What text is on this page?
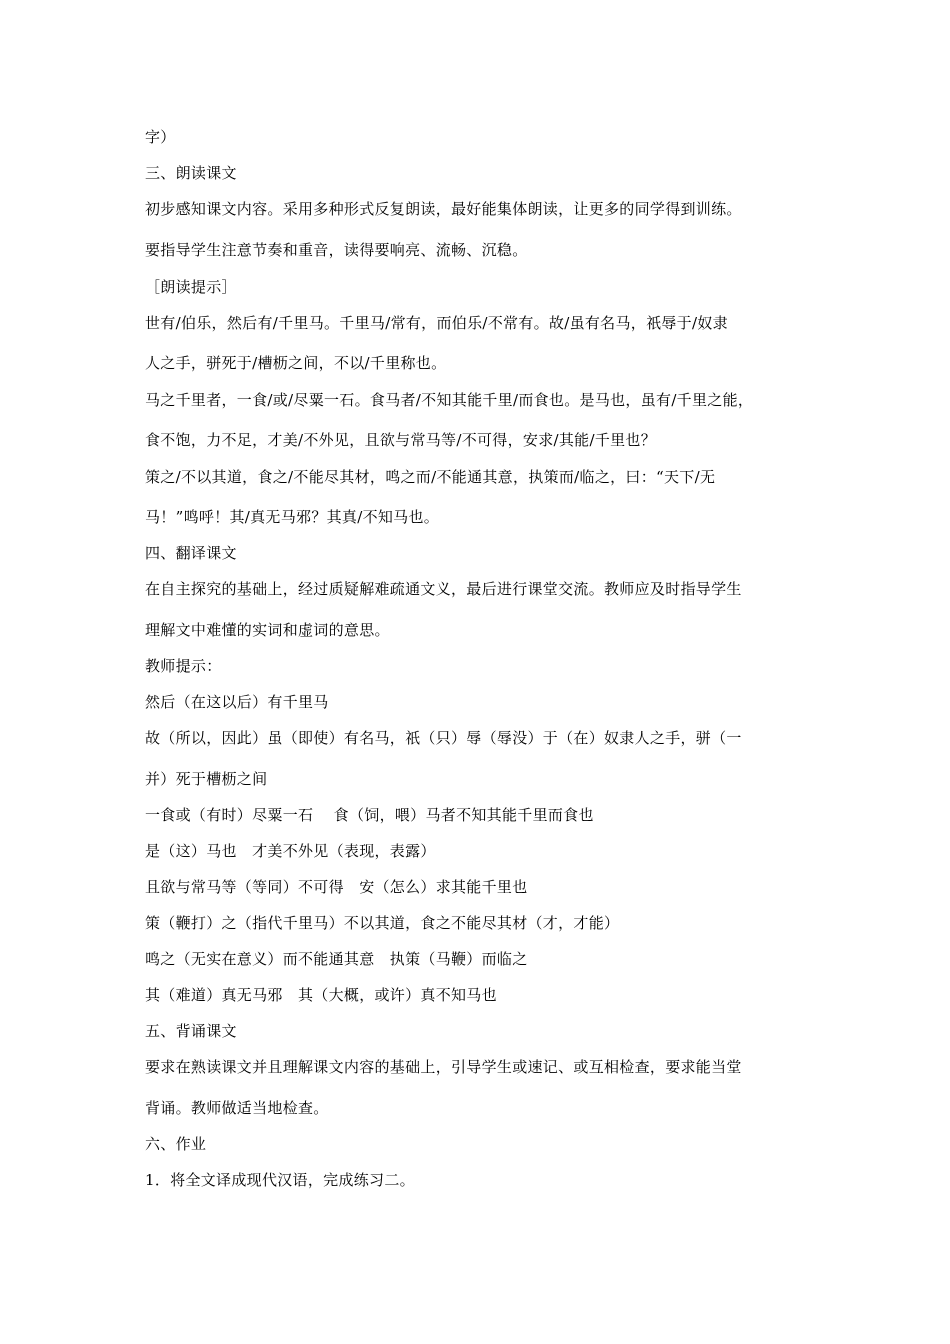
字）
三、朗读课文
初步感知课文内容。采用多种形式反复朗读，最好能集体朗读，让更多的同学得到训练。
要指导学生注意节奏和重音，读得要响亮、流畅、沉稳。
［朗读提示］
世有/伯乐，然后有/千里马。千里马/常有，而伯乐/不常有。故/虽有名马，祇辱于/奴隶
人之手，骈死于/槽枥之间，不以/千里称也。
马之千里者，一食/或/尽粟一石。食马者/不知其能千里/而食也。是马也，虽有/千里之能，
食不饱，力不足，才美/不外见，且欲与常马等/不可得，安求/其能/千里也？
策之/不以其道，食之/不能尽其材，鸣之而/不能通其意，执策而/临之，曰：“天下/无
马！”鸣呼！其/真无马邪？其真/不知马也。
四、翻译课文
在自主探究的基础上，经过质疑解难疏通文义，最后进行课堂交流。教师应及时指导学生
理解文中难懂的实词和虚词的意思。
教师提示：
然后（在这以后）有千里马
故（所以，因此）虽（即使）有名马，祇（只）辱（辱没）于（在）奴隶人之手，骈（一
并）死于槽枥之间
一食或（有时）尽粟一石　 食（饲，喂）马者不知其能千里而食也
是（这）马也　才美不外见（表现，表露）
且欲与常马等（等同）不可得　安（怎么）求其能千里也
策（鞭打）之（指代千里马）不以其道，食之不能尽其材（才，才能）
鸣之（无实在意义）而不能通其意　执策（马鞭）而临之
其（难道）真无马邪　其（大概，或许）真不知马也
五、背诵课文
要求在熟读课文并且理解课文内容的基础上，引导学生或速记、或互相检查，要求能当堂
背诵。教师做适当地检查。
六、作业
1．将全文译成现代汉语，完成练习二。
